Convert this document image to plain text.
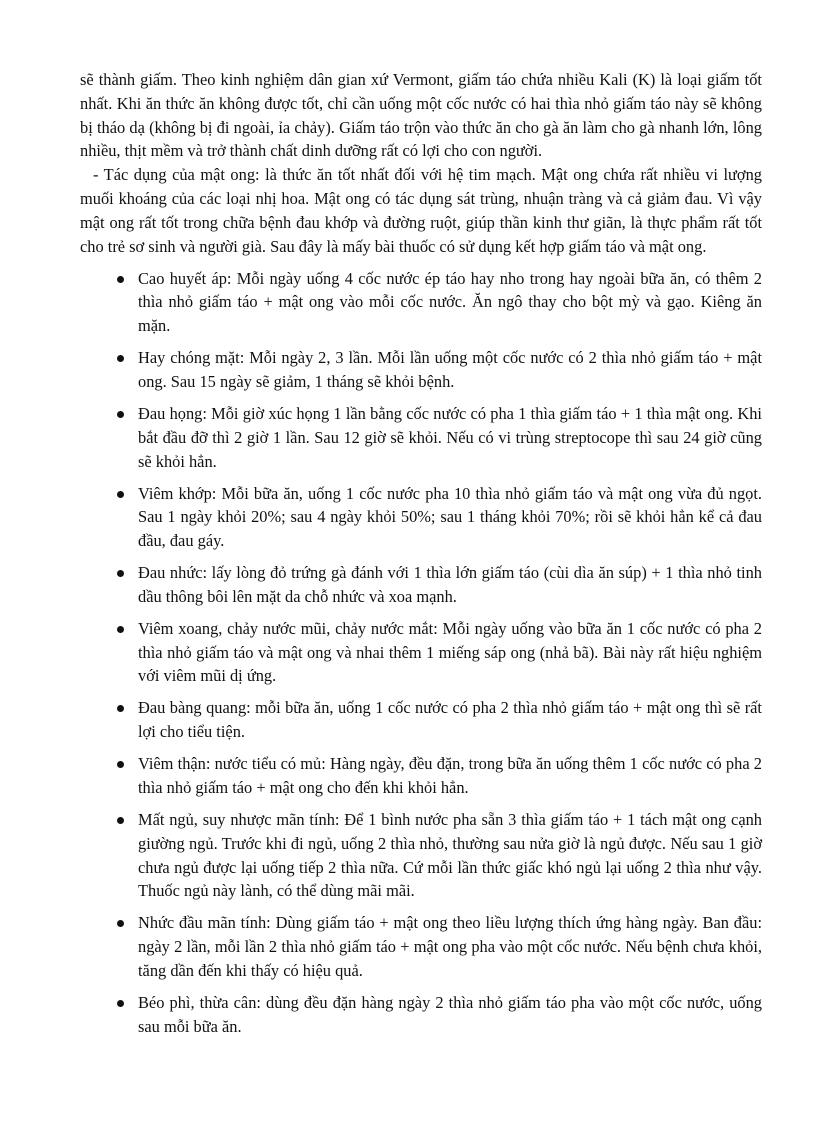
sẽ thành giấm. Theo kinh nghiệm dân gian xứ Vermont, giấm táo chứa nhiều Kali (K) là loại giấm tốt nhất. Khi ăn thức ăn không được tốt, chỉ cần uống một cốc nước có hai thìa nhỏ giấm táo này sẽ không bị tháo dạ (không bị đi ngoài, ỉa chảy). Giấm táo trộn vào thức ăn cho gà ăn làm cho gà nhanh lớn, lông nhiều, thịt mềm và trở thành chất dinh dưỡng rất có lợi cho con người.

- Tác dụng của mật ong: là thức ăn tốt nhất đối với hệ tim mạch. Mật ong chứa rất nhiều vi lượng muối khoáng của các loại nhị hoa. Mật ong có tác dụng sát trùng, nhuận tràng và cả giảm đau. Vì vậy mật ong rất tốt trong chữa bệnh đau khớp và đường ruột, giúp thần kinh thư giãn, là thực phẩm rất tốt cho trẻ sơ sinh và người già. Sau đây là mấy bài thuốc có sử dụng kết hợp giấm táo và mật ong.

Cao huyết áp: Mỗi ngày uống 4 cốc nước ép táo hay nho trong hay ngoài bữa ăn, có thêm 2 thìa nhỏ giấm táo + mật ong vào mỗi cốc nước. Ăn ngô thay cho bột mỳ và gạo. Kiêng ăn mặn.
Hay chóng mặt: Mỗi ngày 2, 3 lần. Mỗi lần uống một cốc nước có 2 thìa nhỏ giấm táo + mật ong. Sau 15 ngày sẽ giảm, 1 tháng sẽ khỏi bệnh.
Đau họng: Mỗi giờ xúc họng 1 lần bằng cốc nước có pha 1 thìa giấm táo + 1 thìa mật ong. Khi bắt đầu đỡ thì 2 giờ 1 lần. Sau 12 giờ sẽ khỏi. Nếu có vi trùng streptocope thì sau 24 giờ cũng sẽ khỏi hẳn.
Viêm khớp: Mỗi bữa ăn, uống 1 cốc nước pha 10 thìa nhỏ giấm táo và mật ong vừa đủ ngọt. Sau 1 ngày khỏi 20%; sau 4 ngày khỏi 50%; sau 1 tháng khỏi 70%; rồi sẽ khỏi hẳn kể cả đau đầu, đau gáy.
Đau nhức: lấy lòng đỏ trứng gà đánh với 1 thìa lớn giấm táo (cùi dìa ăn súp) + 1 thìa nhỏ tinh dầu thông bôi lên mặt da chỗ nhức và xoa mạnh.
Viêm xoang, chảy nước mũi, chảy nước mắt: Mỗi ngày uống vào bữa ăn 1 cốc nước có pha 2 thìa nhỏ giấm táo và mật ong và nhai thêm 1 miếng sáp ong (nhả bã). Bài này rất hiệu nghiệm với viêm mũi dị ứng.
Đau bàng quang: mỗi bữa ăn, uống 1 cốc nước có pha 2 thìa nhỏ giấm táo + mật ong thì sẽ rất lợi cho tiểu tiện.
Viêm thận: nước tiểu có mủ: Hàng ngày, đều đặn, trong bữa ăn uống thêm 1 cốc nước có pha 2 thìa nhỏ giấm táo + mật ong cho đến khi khỏi hẳn.
Mất ngủ, suy nhược mãn tính: Để 1 bình nước pha sẵn 3 thìa giấm táo + 1 tách mật ong cạnh giường ngủ. Trước khi đi ngủ, uống 2 thìa nhỏ, thường sau nửa giờ là ngủ được. Nếu sau 1 giờ chưa ngủ được lại uống tiếp 2 thìa nữa. Cứ mỗi lần thức giấc khó ngủ lại uống 2 thìa như vậy. Thuốc ngủ này lành, có thể dùng mãi mãi.
Nhức đầu mãn tính: Dùng giấm táo + mật ong theo liều lượng thích ứng hàng ngày. Ban đầu: ngày 2 lần, mỗi lần 2 thìa nhỏ giấm táo + mật ong pha vào một cốc nước. Nếu bệnh chưa khỏi, tăng dần đến khi thấy có hiệu quả.
Béo phì, thừa cân: dùng đều đặn hàng ngày 2 thìa nhỏ giấm táo pha vào một cốc nước, uống sau mỗi bữa ăn.
